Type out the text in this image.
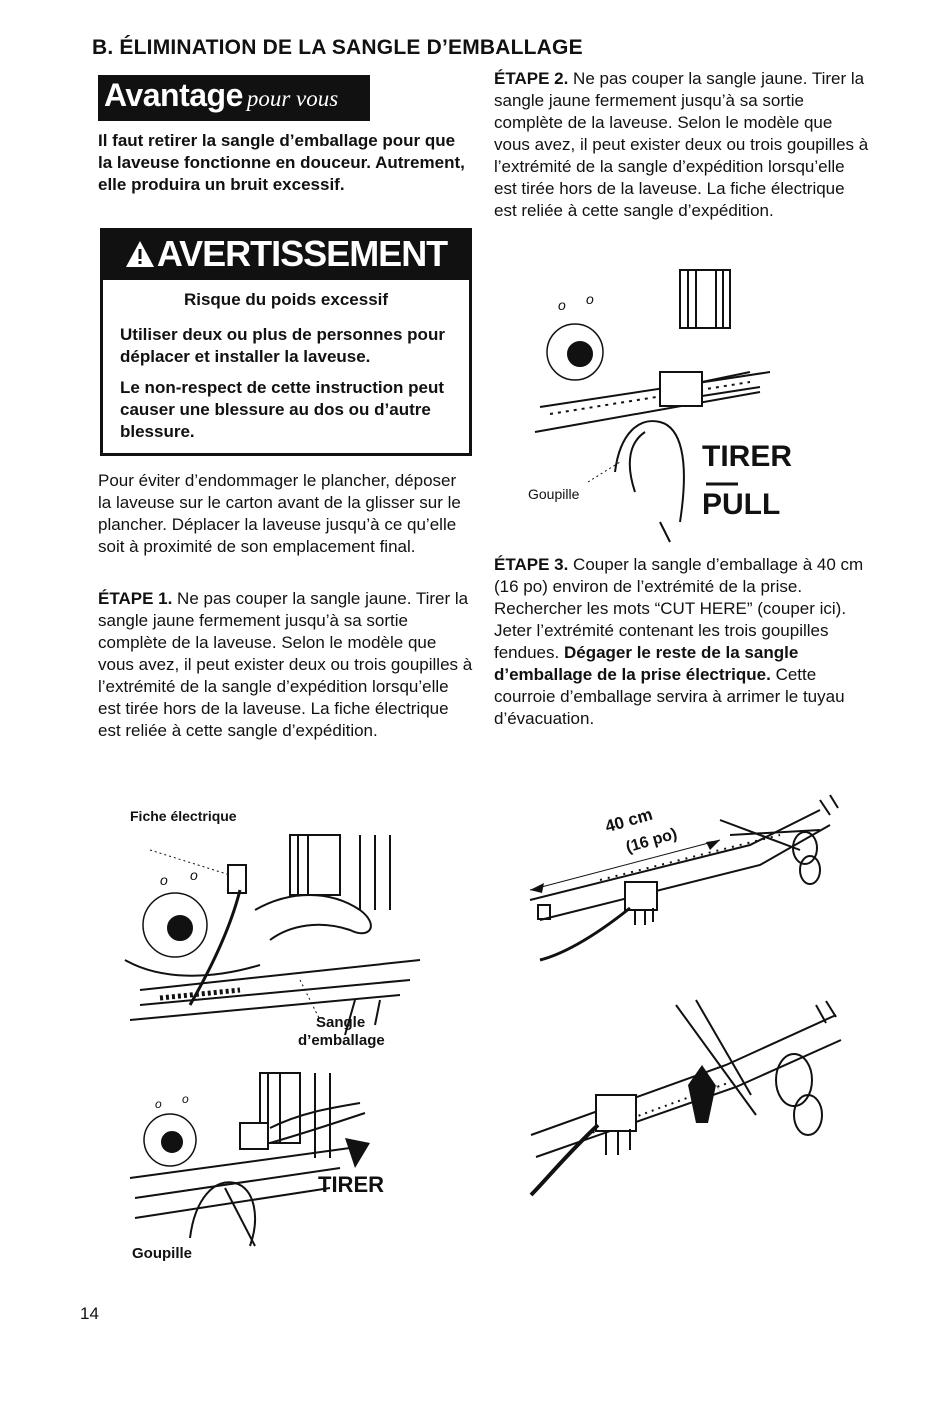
B. ÉLIMINATION DE LA SANGLE D’EMBALLAGE
Avantage pour vous

Il faut retirer la sangle d’emballage pour que la laveuse fonctionne en douceur. Autrement, elle produira un bruit excessif.

AVERTISSEMENT

Risque du poids excessif

Utiliser deux ou plus de personnes pour déplacer et installer la laveuse.

Le non-respect de cette instruction peut causer une blessure au dos ou d’autre blessure.

Pour éviter d’endommager le plancher, déposer la laveuse sur le carton avant de la glisser sur le plancher. Déplacer la laveuse jusqu’à ce qu’elle soit à proximité de son emplacement final.

ÉTAPE 1. Ne pas couper la sangle jaune. Tirer la sangle jaune fermement jusqu’à sa sortie complète de la laveuse. Selon le modèle que vous avez, il peut exister deux ou trois goupilles à l’extrémité de la sangle d’expédition lorsqu’elle est tirée hors de la laveuse. La fiche électrique est reliée à cette sangle d’expédition.

ÉTAPE 2. Ne pas couper la sangle jaune. Tirer la sangle jaune fermement jusqu’à sa sortie complète de la laveuse. Selon le modèle que vous avez, il peut exister deux ou trois goupilles à l’extrémité de la sangle d’expédition lorsqu’elle est tirée hors de la laveuse. La fiche électrique est reliée à cette sangle d’expédition.

ÉTAPE 3. Couper la sangle d’emballage à 40 cm (16 po) environ de l’extrémité de la prise. Rechercher les mots “CUT HERE” (couper ici). Jeter l’extrémité contenant les trois goupilles fendues. Dégager le reste de la sangle d’emballage de la prise électrique. Cette courroie d’emballage servira à arrimer le tuyau d’évacuation.

o o
TIRER
PULL
Goupille
Fiche électrique
o o
Sangle
d’emballage
o o
TIRER
Goupille
40 cm
(16 po)
14
